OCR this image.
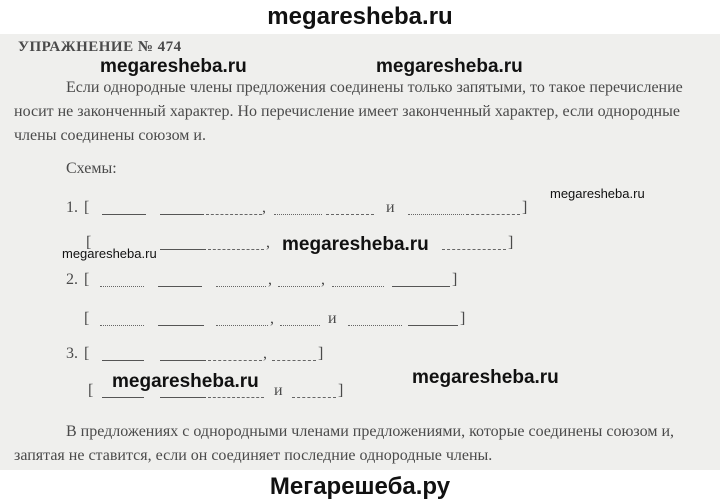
megaresheba.ru
УПРАЖНЕНИЕ № 474
Если однородные члены предложения соединены только запятыми, то такое перечисление носит не законченный характер. Но перечисление имеет законченный характер, если однородные члены соединены союзом и.
Схемы:
1. [	,	и	]
[	,	]
2. [	,	,	]
[	,	и	]
3. [	,	]
[	и	]
В предложениях с однородными членами предложениями, которые соединены союзом и, запятая не ставится, если он соединяет последние однородные члены.
megaresheba.ru	megaresheba.ru
megaresheba.ru
megaresheba.ru	megaresheba.ru
megaresheba.ru	megaresheba.ru
Мегарешеба.ру
